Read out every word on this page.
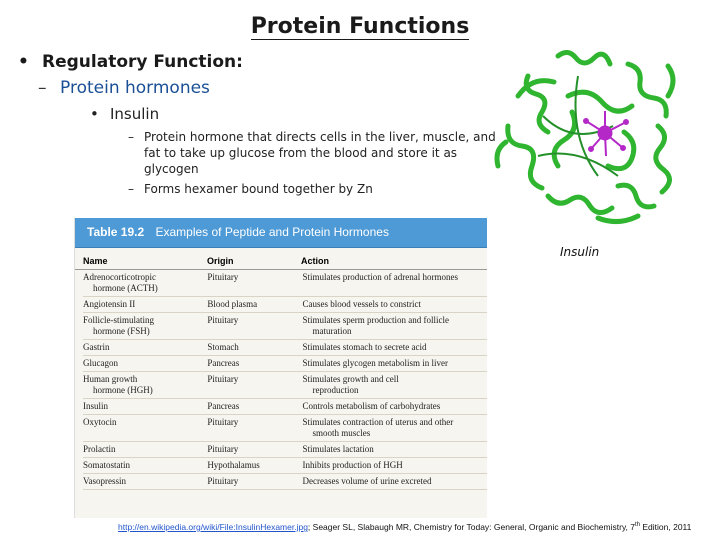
Protein Functions
• Regulatory Function:
– Protein hormones
• Insulin
– Protein hormone that directs cells in the liver, muscle, and fat to take up glucose from the blood and store it as glycogen
– Forms hexamer bound together by Zn
Insulin
Table 19.2 Examples of Peptide and Protein Hormones
Name	Origin	Action
Adrenocorticotropic
hormone (ACTH)
Pituitary	Stimulates production of adrenal hormones
Angiotensin II	Blood plasma	Causes blood vessels to constrict
Follicle-stimulating
hormone (FSH)
Pituitary	Stimulates sperm production and follicle
maturation
Gastrin	Stomach	Stimulates stomach to secrete acid
Glucagon	Pancreas	Stimulates glycogen metabolism in liver
Human growth
hormone (HGH)
Pituitary	Stimulates growth and cell
reproduction
Insulin	Pancreas	Controls metabolism of carbohydrates
Oxytocin	Pituitary	Stimulates contraction of uterus and other
smooth muscles
Prolactin	Pituitary	Stimulates lactation
Somatostatin	Hypothalamus	Inhibits production of HGH
Vasopressin	Pituitary	Decreases volume of urine excreted
http://en.wikipedia.org/wiki/File:InsulinHexamer.jpg; Seager SL, Slabaugh MR, Chemistry for Today: General, Organic and Biochemistry, 7th Edition, 2011
